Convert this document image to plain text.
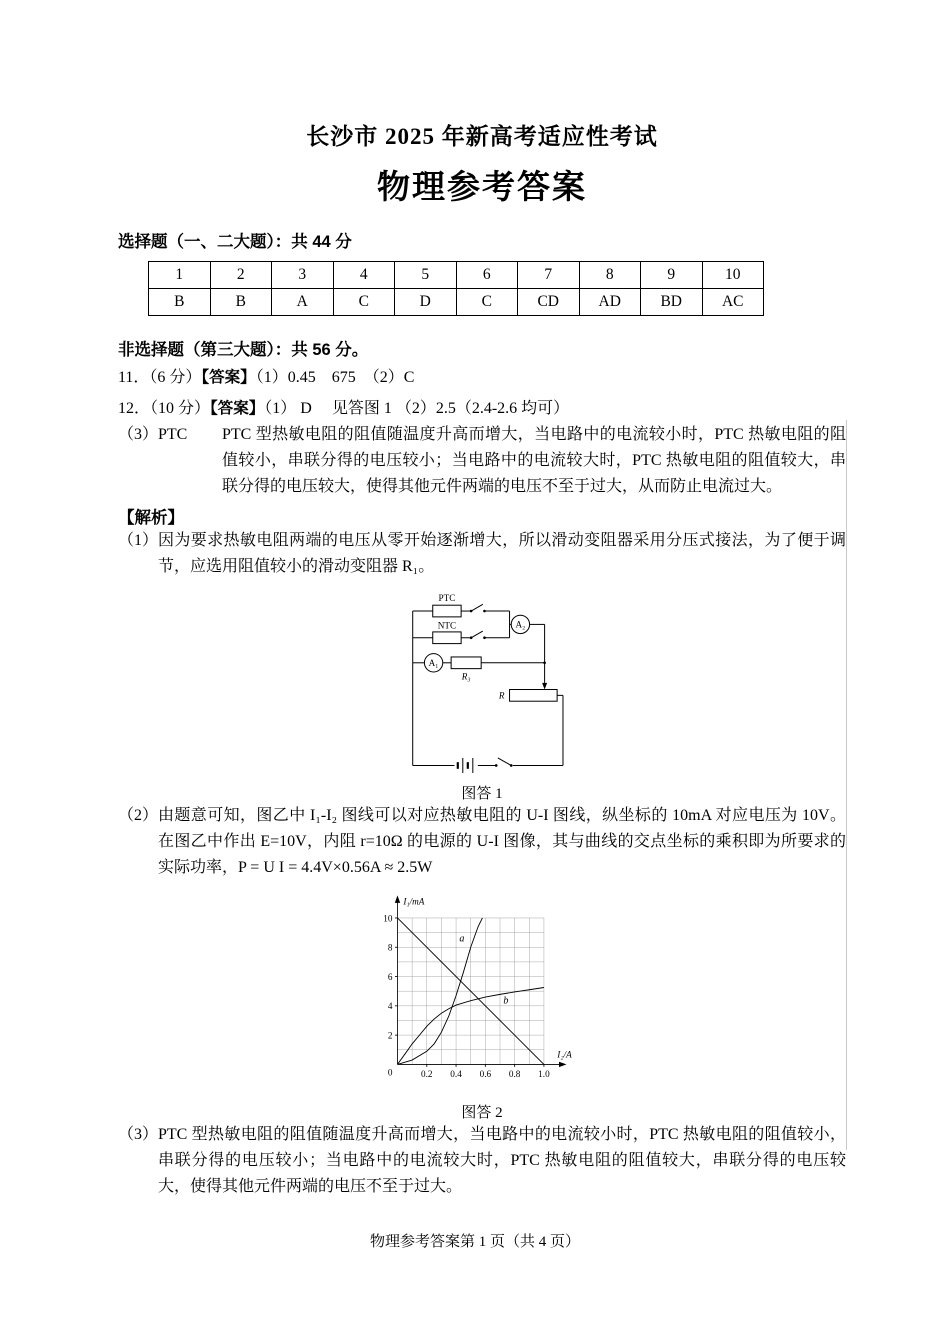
长沙市 2025 年新高考适应性考试
物理参考答案
选择题（一、二大题）：共 44 分
1	2	3	4	5	6	7	8	9	10
B	B	A	C	D	C	CD	AD	BD	AC
非选择题（第三大题）：共 56 分。
11．（6 分）【答案】（1）0.45　675　（2）C
12．（10 分）【答案】（1） D　 见答图 1 （2）2.5（2.4-2.6 均可）
（3）PTC	PTC 型热敏电阻的阻值随温度升高而增大，当电路中的电流较小时，PTC 热敏电阻的阻值较小，串联分得的电压较小；当电路中的电流较大时，PTC 热敏电阻的阻值较大，串联分得的电压较大，使得其他元件两端的电压不至于过大，从而防止电流过大。
【解析】
（1） 因为要求热敏电阻两端的电压从零开始逐渐增大，所以滑动变阻器采用分压式接法，为了便于调节，应选用阻值较小的滑动变阻器 R₁。
PTC
NTC	A₂
A₁
R₃
R
图答 1
（2） 由题意可知，图乙中 I₁-I₂ 图线可以对应热敏电阻的 U-I 图线，纵坐标的 10mA 对应电压为 10V。在图乙中作出 E=10V，内阻 r=10Ω 的电源的 U-I 图像，其与曲线的交点坐标的乘积即为所要求的实际功率，P = U I = 4.4V×0.56A ≈ 2.5W
0.2 0.4 0.6 0.8 1.0
2
4
6
8
10
0
I₁/mA
I₂/A
a
b
图答 2
（3） PTC 型热敏电阻的阻值随温度升高而增大，当电路中的电流较小时，PTC 热敏电阻的阻值较小，串联分得的电压较小；当电路中的电流较大时，PTC 热敏电阻的阻值较大，串联分得的电压较大，使得其他元件两端的电压不至于过大。
物理参考答案第 1 页（共 4 页）
